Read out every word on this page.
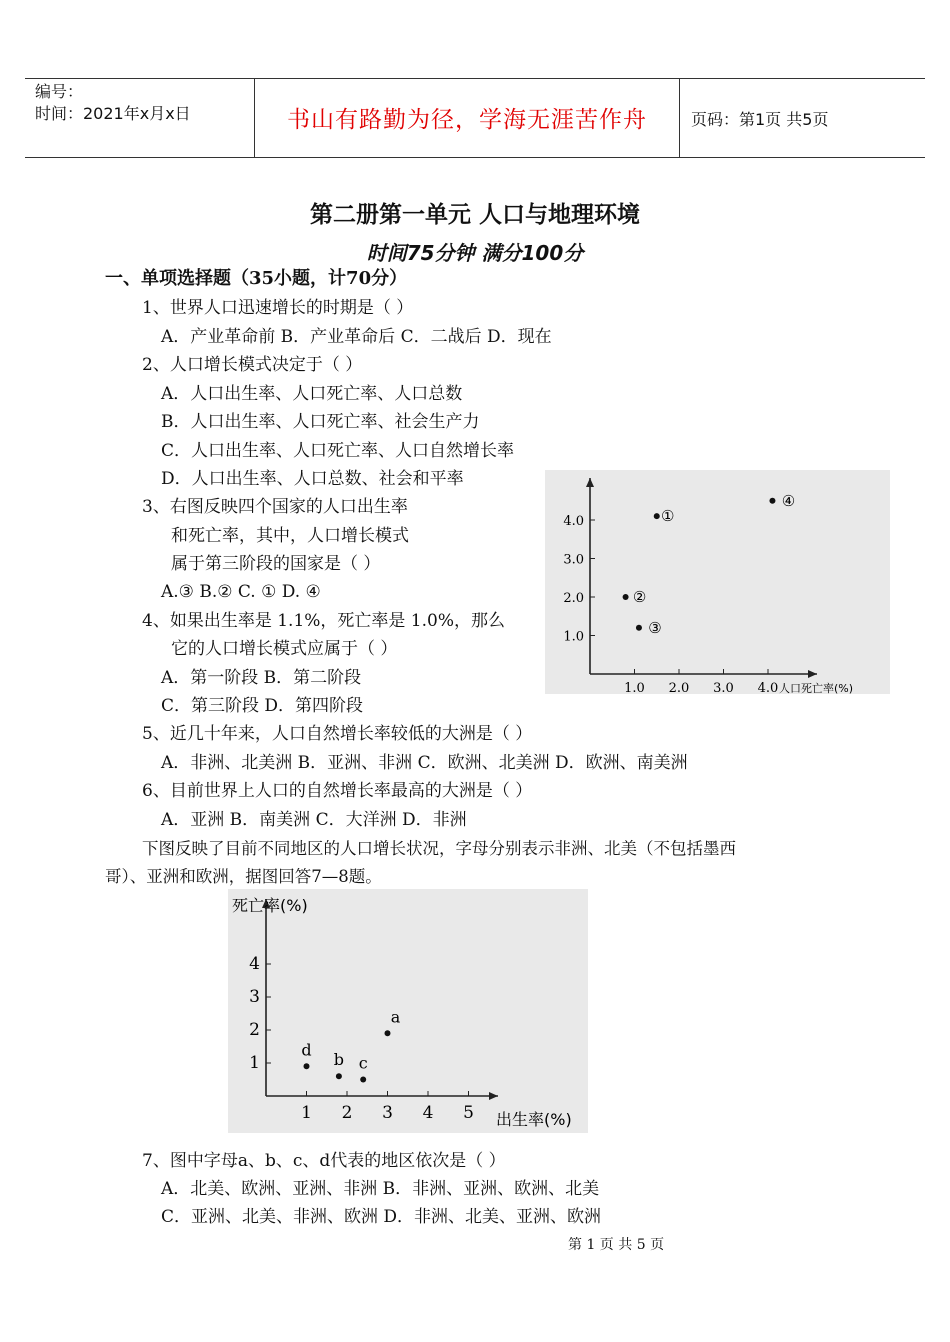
编号：
时间：2021年x月x日	书山有路勤为径，学海无涯苦作舟	页码：第1页 共5页
第二册第一单元 人口与地理环境
时间75分钟 满分100分
一、单项选择题（35小题，计70分）
1、世界人口迅速增长的时期是（ ）
A．产业革命前 B．产业革命后 C．二战后 D．现在
2、人口增长模式决定于（ ）
A．人口出生率、人口死亡率、人口总数
B．人口出生率、人口死亡率、社会生产力
C．人口出生率、人口死亡率、人口自然增长率
D．人口出生率、人口总数、社会和平率
3、右图反映四个国家的人口出生率
和死亡率，其中，人口增长模式
属于第三阶段的国家是（ ）
A.③ B.② C. ① D. ④
4、如果出生率是 1.1%，死亡率是 1.0%，那么
它的人口增长模式应属于（ ）
A．第一阶段 B．第二阶段
C．第三阶段 D．第四阶段
5、近几十年来，人口自然增长率较低的大洲是（ ）
A．非洲、北美洲 B．亚洲、非洲 C．欧洲、北美洲 D．欧洲、南美洲
6、目前世界上人口的自然增长率最高的大洲是（ ）
A．亚洲 B．南美洲 C．大洋洲 D．非洲
下图反映了目前不同地区的人口增长状况，字母分别表示非洲、北美（不包括墨西
哥）、亚洲和欧洲，据图回答7—8题。
1.0 2.0 3.0 4.0
1.0
2.0
3.0
4.0	①
②
③
④
人口死亡率(%)
1 2 3 4 5
1
2
3
4
a
b c
d
出生率(%)
死亡率(%)
7、图中字母a、b、c、d代表的地区依次是（ ）
A．北美、欧洲、亚洲、非洲 B．非洲、亚洲、欧洲、北美
C．亚洲、北美、非洲、欧洲 D．非洲、北美、亚洲、欧洲
第 1 页 共 5 页
